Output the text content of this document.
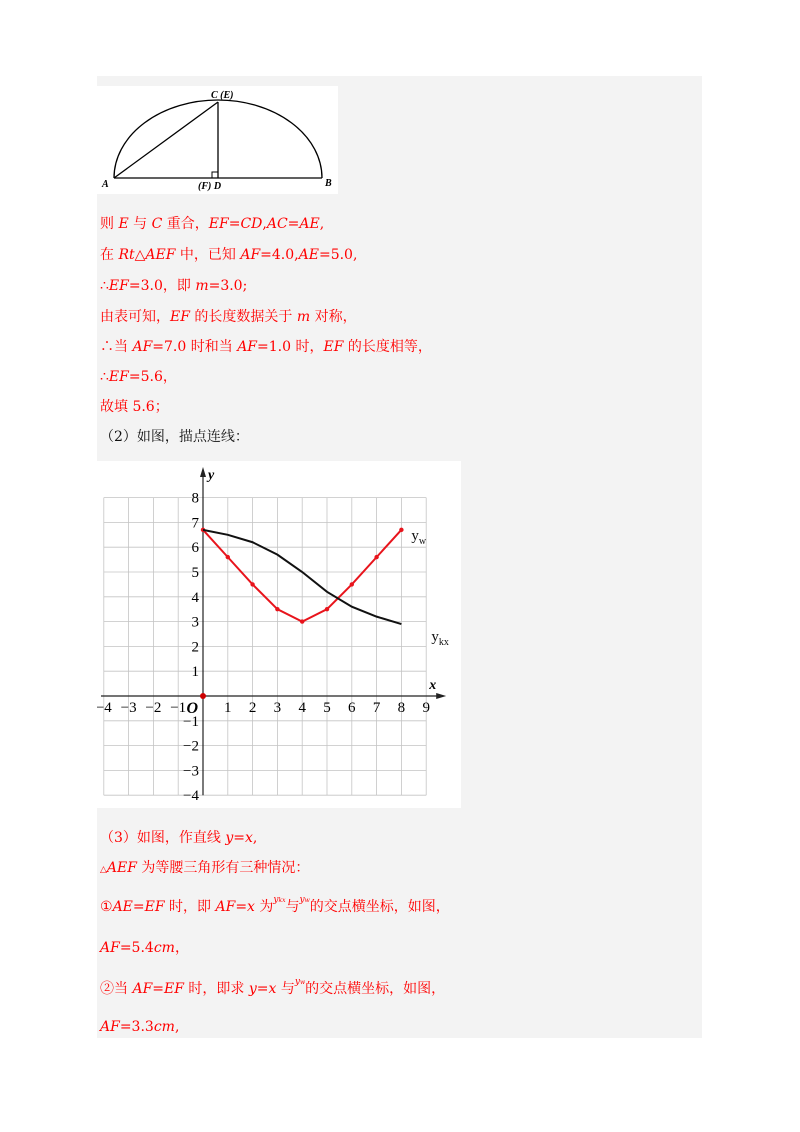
C (E)
A	(F) D	B
则 E 与 C 重合，EF=CD,AC=AE,
在 Rt△AEF 中，已知 AF=4.0,AE=5.0,
∴EF=3.0，即 m=3.0;
由表可知，EF 的长度数据关于 m 对称，
∴当 AF=7.0 时和当 AF=1.0 时，EF 的长度相等，
∴EF=5.6，
故填 5.6；
（2）如图，描点连线：
x
y
−4 −3 −2 −1	1 2 3 4 5 6 7 8 9
8
7
6
5
4
3
2
1
−1
−2
−3
−4
O
$y_w$
$y_{kx}$
（3）如图，作直线 y=x,
△AEF 为等腰三角形有三种情况：
①AE=EF 时，即 AF=x 为$^{ykx}$与$^{yw}$的交点横坐标，如图，
AF=5.4cm，
②当 AF=EF 时，即求 y=x 与$^{yw}$的交点横坐标，如图，
AF=3.3cm,
